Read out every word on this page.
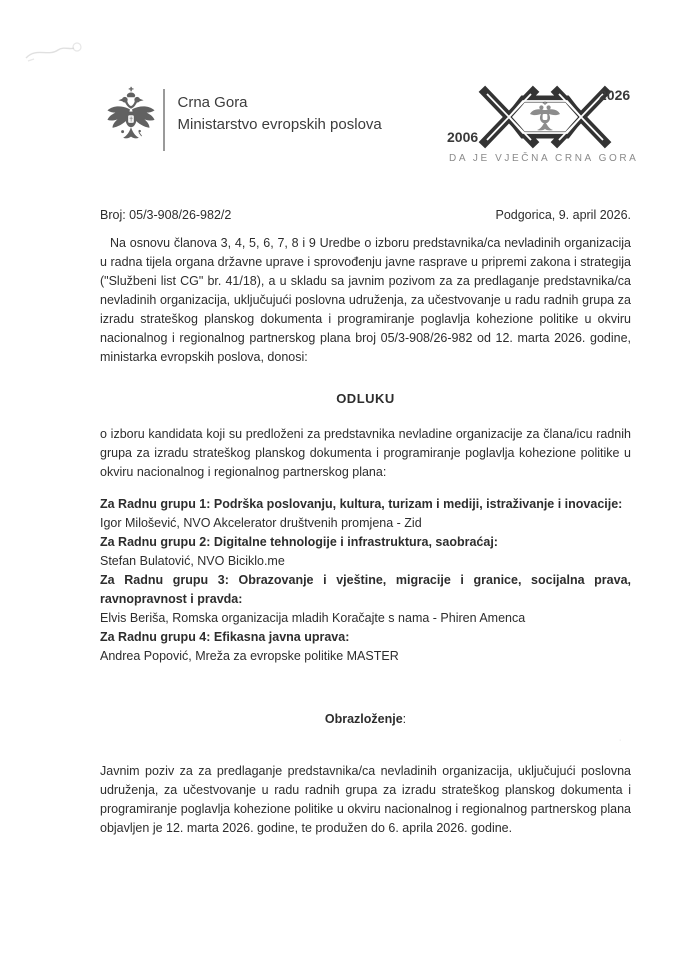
Crna Gora
Ministarstvo evropskih poslova
2006
2026
DA JE VJEČNA CRNA GORA
Broj: 05/3-908/26-982/2	Podgorica, 9. april 2026.

Na osnovu članova 3, 4, 5, 6, 7, 8 i 9 Uredbe o izboru predstavnika/ca nevladinih organizacija u radna tijela organa državne uprave i sprovođenju javne rasprave u pripremi zakona i strategija ("Službeni list CG" br. 41/18), a u skladu sa javnim pozivom za za predlaganje predstavnika/ca nevladinih organizacija, uključujući poslovna udruženja, za učestvovanje u radu radnih grupa za izradu strateškog planskog dokumenta i programiranje poglavlja kohezione politike u okviru nacionalnog i regionalnog partnerskog plana broj 05/3-908/26-982 od 12. marta 2026. godine, ministarka evropskih poslova, donosi:

ODLUKU

o izboru kandidata koji su predloženi za predstavnika nevladine organizacije za člana/icu radnih grupa za izradu strateškog planskog dokumenta i programiranje poglavlja kohezione politike u okviru nacionalnog i regionalnog partnerskog plana:

Za Radnu grupu 1: Podrška poslovanju, kultura, turizam i mediji, istraživanje i inovacije:

Igor Milošević, NVO Akcelerator društvenih promjena - Zid

Za Radnu grupu 2: Digitalne tehnologije i infrastruktura, saobraćaj:

Stefan Bulatović, NVO Biciklo.me

Za Radnu grupu 3: Obrazovanje i vještine, migracije i granice, socijalna prava, ravnopravnost i pravda:

Elvis Beriša, Romska organizacija mladih Koračajte s nama - Phiren Amenca

Za Radnu grupu 4: Efikasna javna uprava:

Andrea Popović, Mreža za evropske politike MASTER

Obrazloženje:

Javnim poziv za za predlaganje predstavnika/ca nevladinih organizacija, uključujući poslovna udruženja, za učestvovanje u radu radnih grupa za izradu strateškog planskog dokumenta i programiranje poglavlja kohezione politike u okviru nacionalnog i regionalnog partnerskog plana objavljen je 12. marta 2026. godine, te produžen do 6. aprila 2026. godine.

·
